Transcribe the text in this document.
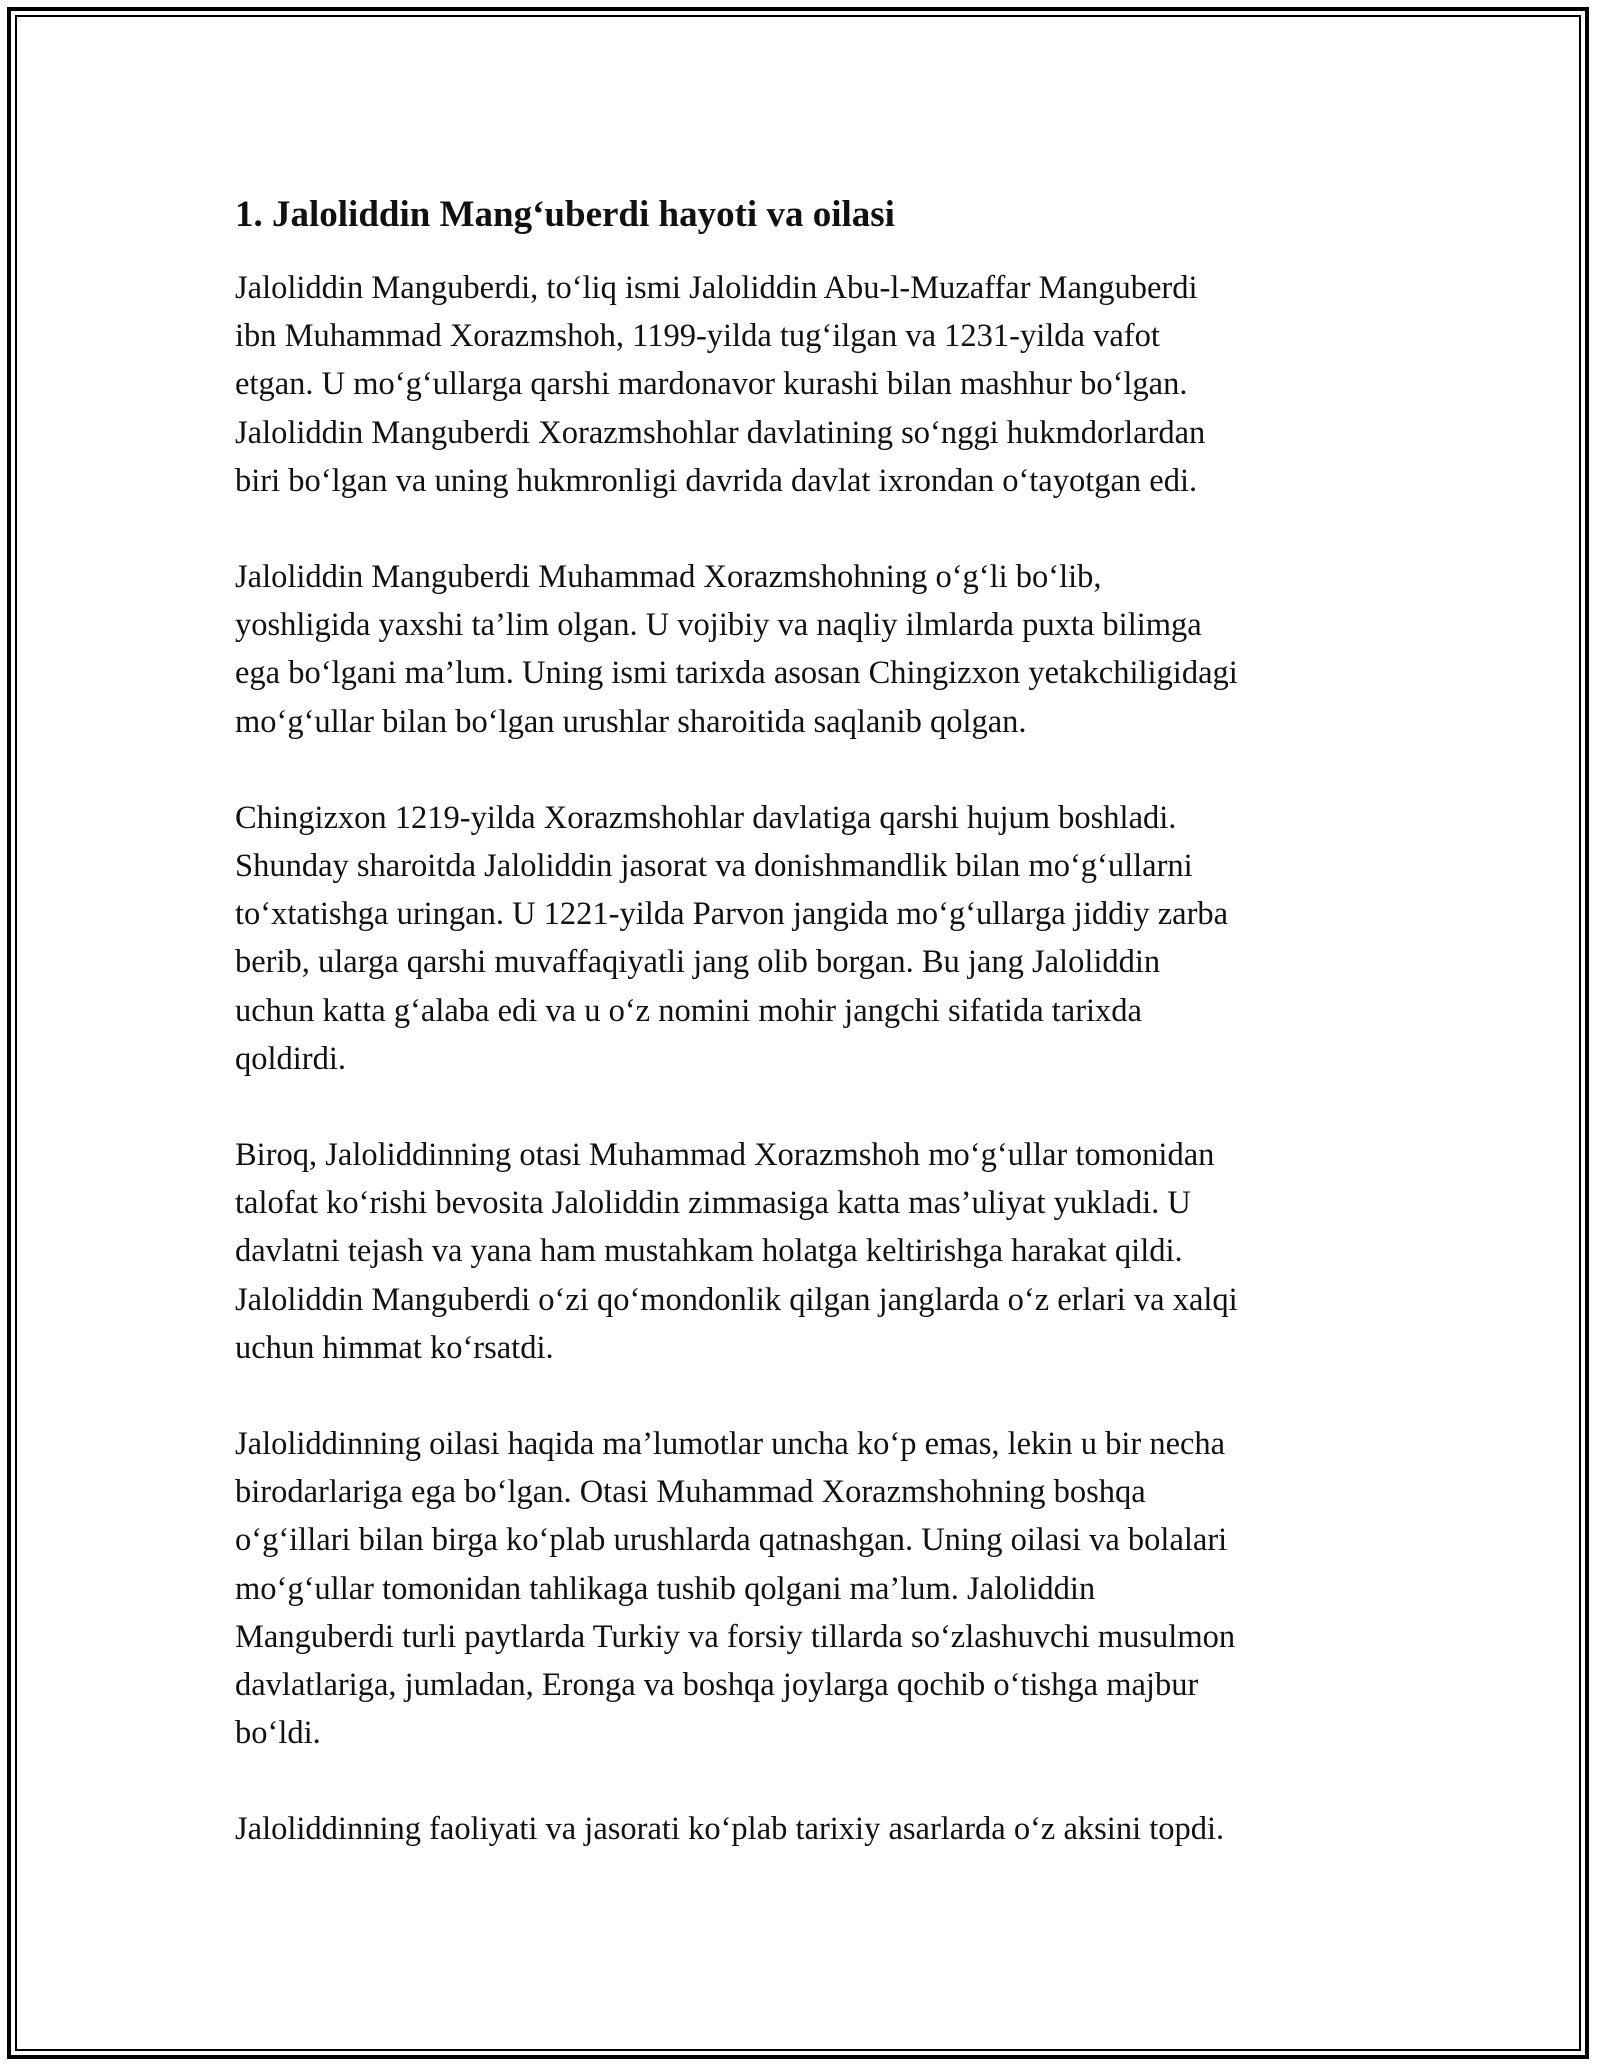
1. Jaloliddin Mang‘uberdi hayoti va oilasi

Jaloliddin Manguberdi, to‘liq ismi Jaloliddin Abu-l-Muzaffar Manguberdi
ibn Muhammad Xorazmshoh, 1199-yilda tug‘ilgan va 1231-yilda vafot
etgan. U mo‘g‘ullarga qarshi mardonavor kurashi bilan mashhur bo‘lgan.
Jaloliddin Manguberdi Xorazmshohlar davlatining so‘nggi hukmdorlardan
biri bo‘lgan va uning hukmronligi davrida davlat ixrondan o‘tayotgan edi.

Jaloliddin Manguberdi Muhammad Xorazmshohning o‘g‘li bo‘lib,
yoshligida yaxshi ta’lim olgan. U vojibiy va naqliy ilmlarda puxta bilimga
ega bo‘lgani ma’lum. Uning ismi tarixda asosan Chingizxon yetakchiligidagi
mo‘g‘ullar bilan bo‘lgan urushlar sharoitida saqlanib qolgan.

Chingizxon 1219-yilda Xorazmshohlar davlatiga qarshi hujum boshladi.
Shunday sharoitda Jaloliddin jasorat va donishmandlik bilan mo‘g‘ullarni
to‘xtatishga uringan. U 1221-yilda Parvon jangida mo‘g‘ullarga jiddiy zarba
berib, ularga qarshi muvaffaqiyatli jang olib borgan. Bu jang Jaloliddin
uchun katta g‘alaba edi va u o‘z nomini mohir jangchi sifatida tarixda
qoldirdi.

Biroq, Jaloliddinning otasi Muhammad Xorazmshoh mo‘g‘ullar tomonidan
talofat ko‘rishi bevosita Jaloliddin zimmasiga katta mas’uliyat yukladi. U
davlatni tejash va yana ham mustahkam holatga keltirishga harakat qildi.
Jaloliddin Manguberdi o‘zi qo‘mondonlik qilgan janglarda o‘z erlari va xalqi
uchun himmat ko‘rsatdi.

Jaloliddinning oilasi haqida ma’lumotlar uncha ko‘p emas, lekin u bir necha
birodarlariga ega bo‘lgan. Otasi Muhammad Xorazmshohning boshqa
o‘g‘illari bilan birga ko‘plab urushlarda qatnashgan. Uning oilasi va bolalari
mo‘g‘ullar tomonidan tahlikaga tushib qolgani ma’lum. Jaloliddin
Manguberdi turli paytlarda Turkiy va forsiy tillarda so‘zlashuvchi musulmon
davlatlariga, jumladan, Eronga va boshqa joylarga qochib o‘tishga majbur
bo‘ldi.

Jaloliddinning faoliyati va jasorati ko‘plab tarixiy asarlarda o‘z aksini topdi.
